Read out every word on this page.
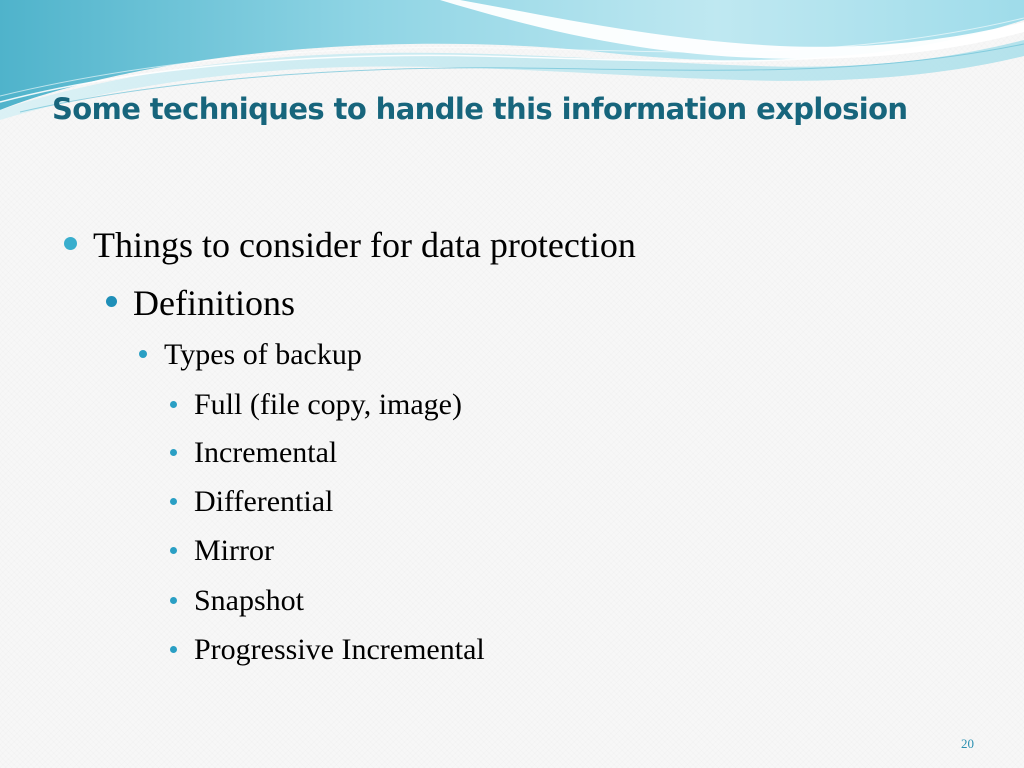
Some techniques to handle this information explosion
Things to consider for data protection
Definitions
Types of backup
Full (file copy, image)
Incremental
Differential
Mirror
Snapshot
Progressive Incremental
20
